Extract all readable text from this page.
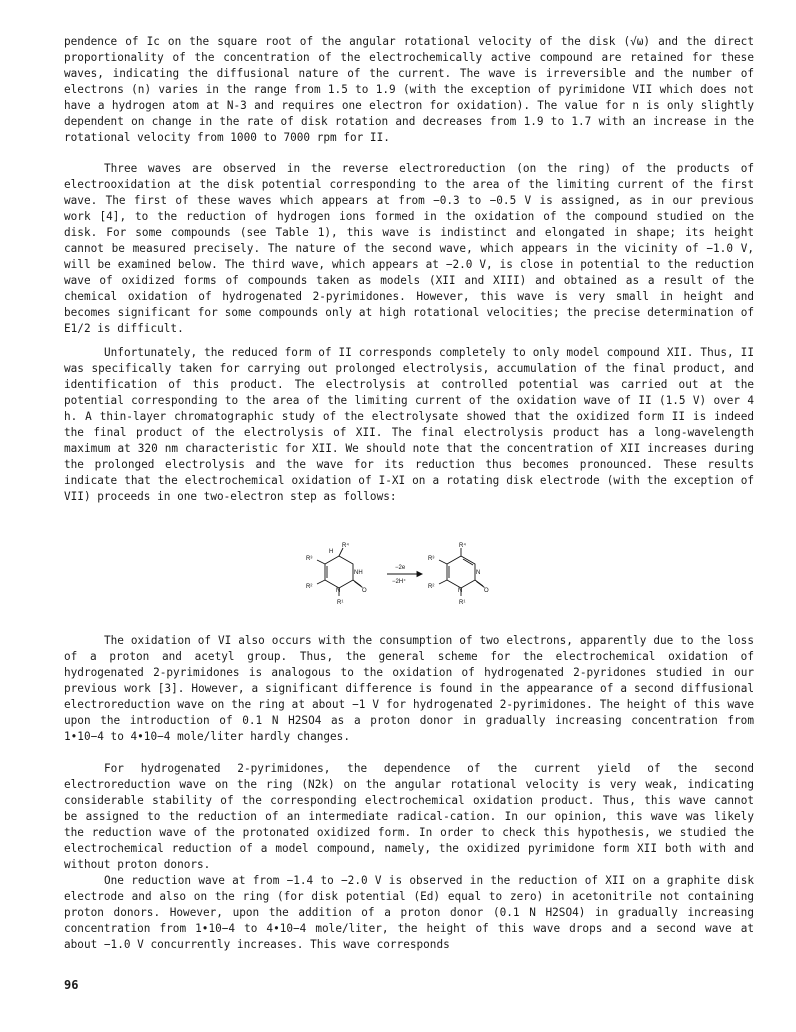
pendence of Ic on the square root of the angular rotational velocity of the disk (√ω) and the direct proportionality of the concentration of the electrochemically active compound are retained for these waves, indicating the diffusional nature of the current. The wave is irreversible and the number of electrons (n) varies in the range from 1.5 to 1.9 (with the exception of pyrimidone VII which does not have a hydrogen atom at N-3 and requires one electron for oxidation). The value for n is only slightly dependent on change in the rate of disk rotation and decreases from 1.9 to 1.7 with an increase in the rotational velocity from 1000 to 7000 rpm for II.

Three waves are observed in the reverse electroreduction (on the ring) of the products of electrooxidation at the disk potential corresponding to the area of the limiting current of the first wave. The first of these waves which appears at from −0.3 to −0.5 V is assigned, as in our previous work [4], to the reduction of hydrogen ions formed in the oxidation of the compound studied on the disk. For some compounds (see Table 1), this wave is indistinct and elongated in shape; its height cannot be measured precisely. The nature of the second wave, which appears in the vicinity of −1.0 V, will be examined below. The third wave, which appears at −2.0 V, is close in potential to the reduction wave of oxidized forms of compounds taken as models (XII and XIII) and obtained as a result of the chemical oxidation of hydrogenated 2-pyrimidones. However, this wave is very small in height and becomes significant for some compounds only at high rotational velocities; the precise determination of E1/2 is difficult.

Unfortunately, the reduced form of II corresponds completely to only model compound XII. Thus, II was specifically taken for carrying out prolonged electrolysis, accumulation of the final product, and identification of this product. The electrolysis at controlled potential was carried out at the potential corresponding to the area of the limiting current of the oxidation wave of II (1.5 V) over 4 h. A thin-layer chromatographic study of the electrolysate showed that the oxidized form II is indeed the final product of the electrolysis of XII. The final electrolysis product has a long-wavelength maximum at 320 nm characteristic for XII. We should note that the concentration of XII increases during the prolonged electrolysis and the wave for its reduction thus becomes pronounced. These results indicate that the electrochemical oxidation of I-XI on a rotating disk electrode (with the exception of VII) proceeds in one two-electron step as follows:

H
R⁴
R³
NH
R²
N	O
R¹
−2e
−2H⁺
R⁴
R³
N
R²
N	O
R¹

The oxidation of VI also occurs with the consumption of two electrons, apparently due to the loss of a proton and acetyl group. Thus, the general scheme for the electrochemical oxidation of hydrogenated 2-pyrimidones is analogous to the oxidation of hydrogenated 2-pyridones studied in our previous work [3]. However, a significant difference is found in the appearance of a second diffusional electroreduction wave on the ring at about −1 V for hydrogenated 2-pyrimidones. The height of this wave upon the introduction of 0.1 N H2SO4 as a proton donor in gradually increasing concentration from 1•10−4 to 4•10−4 mole/liter hardly changes.

For hydrogenated 2-pyrimidones, the dependence of the current yield of the second electroreduction wave on the ring (N2k) on the angular rotational velocity is very weak, indicating considerable stability of the corresponding electrochemical oxidation product. Thus, this wave cannot be assigned to the reduction of an intermediate radical-cation. In our opinion, this wave was likely the reduction wave of the protonated oxidized form. In order to check this hypothesis, we studied the electrochemical reduction of a model compound, namely, the oxidized pyrimidone form XII both with and without proton donors.

One reduction wave at from −1.4 to −2.0 V is observed in the reduction of XII on a graphite disk electrode and also on the ring (for disk potential (Ed) equal to zero) in acetonitrile not containing proton donors. However, upon the addition of a proton donor (0.1 N H2SO4) in gradually increasing concentration from 1•10−4 to 4•10−4 mole/liter, the height of this wave drops and a second wave at about −1.0 V concurrently increases. This wave corresponds

96
